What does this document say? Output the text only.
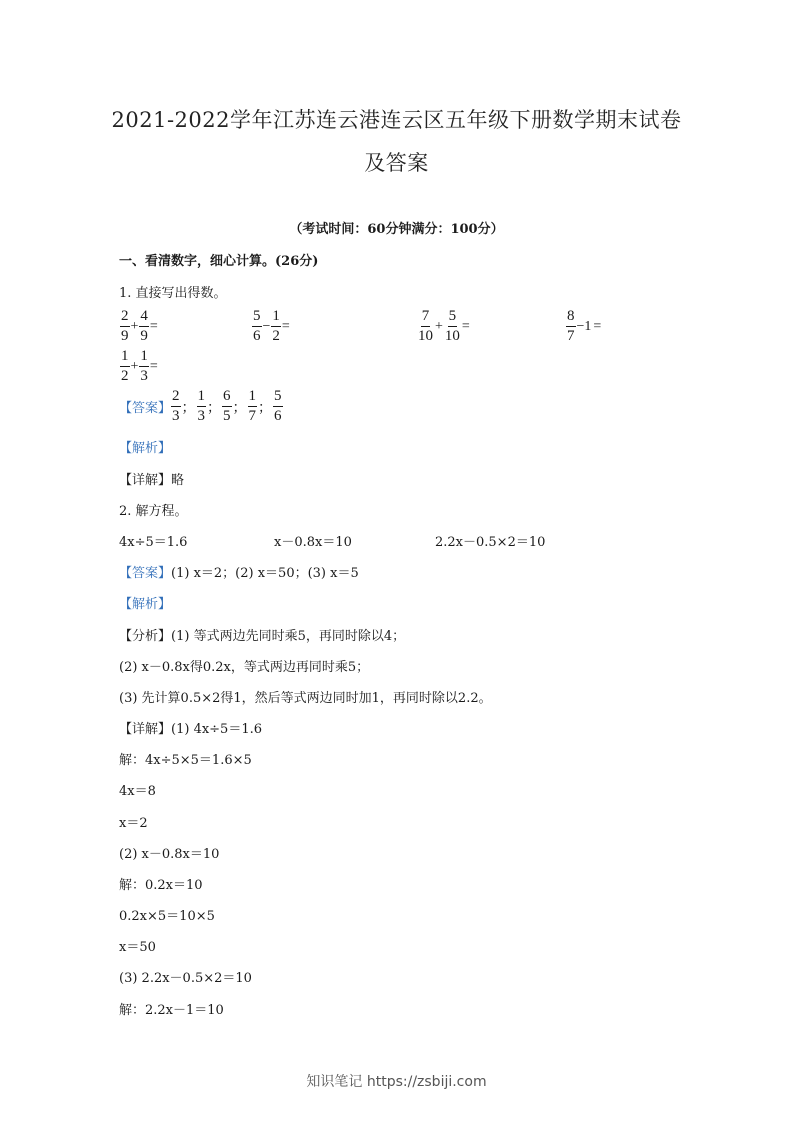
2021-2022学年江苏连云港连云区五年级下册数学期末试卷
及答案
（考试时间：60分钟满分：100分）
一、看清数字，细心计算。(26分)
1. 直接写出得数。
$\frac{2}{9} + \frac{4}{9}$ =	$\frac{5}{6} - \frac{1}{2}$ =	$\frac{7}{10} + \frac{5}{10}$ =	$\frac{8}{7} -1$ =
$\frac{1}{2} + \frac{1}{3}$ =
【答案】 $\frac{2}{3}$ ； $\frac{1}{3}$ ； $\frac{6}{5}$ ； $\frac{1}{7}$ ； $\frac{5}{6}$
【解析】
【详解】略
2. 解方程。
4x÷5＝1.6	x－0.8x＝10	2.2x－0.5×2＝10
【答案】(1) x＝2；(2) x＝50；(3) x＝5
【解析】
【分析】(1) 等式两边先同时乘5，再同时除以4；
(2) x－0.8x得0.2x，等式两边再同时乘5；
(3) 先计算0.5×2得1，然后等式两边同时加1，再同时除以2.2。
【详解】(1) 4x÷5＝1.6
解：4x÷5×5＝1.6×5
4x＝8
x＝2
(2) x－0.8x＝10
解：0.2x＝10
0.2x×5＝10×5
x＝50
(3) 2.2x－0.5×2＝10
解：2.2x－1＝10
知识笔记 https://zsbiji.com
